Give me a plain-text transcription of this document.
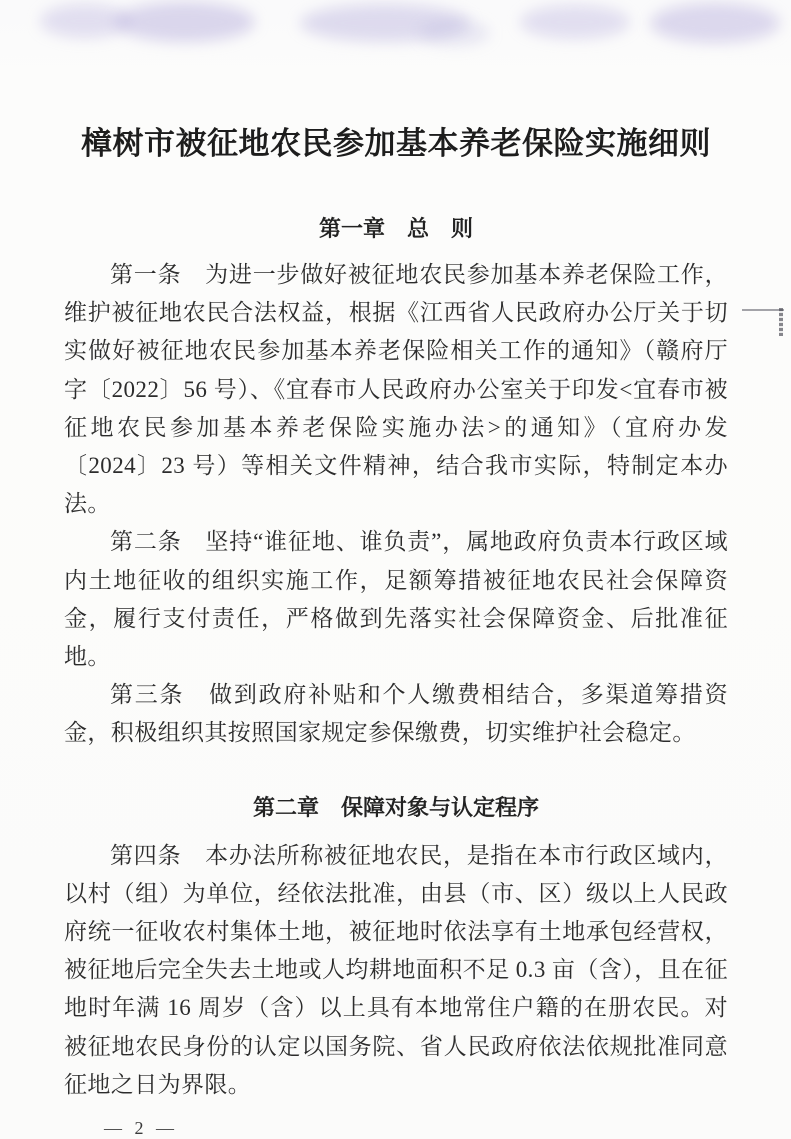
樟树市被征地农民参加基本养老保险实施细则
第一章　总　则

第一条　为进一步做好被征地农民参加基本养老保险工作，维护被征地农民合法权益，根据《江西省人民政府办公厅关于切实做好被征地农民参加基本养老保险相关工作的通知》（赣府厅字〔2022〕56 号）、《宜春市人民政府办公室关于印发<宜春市被征地农民参加基本养老保险实施办法>的通知》（宜府办发〔2024〕23 号）等相关文件精神，结合我市实际，特制定本办法。

第二条　坚持“谁征地、谁负责”，属地政府负责本行政区域内土地征收的组织实施工作，足额筹措被征地农民社会保障资金，履行支付责任，严格做到先落实社会保障资金、后批准征地。

第三条　做到政府补贴和个人缴费相结合，多渠道筹措资金，积极组织其按照国家规定参保缴费，切实维护社会稳定。

第二章　保障对象与认定程序

第四条　本办法所称被征地农民，是指在本市行政区域内，以村（组）为单位，经依法批准，由县（市、区）级以上人民政府统一征收农村集体土地，被征地时依法享有土地承包经营权，被征地后完全失去土地或人均耕地面积不足 0.3 亩（含），且在征地时年满 16 周岁（含）以上具有本地常住户籍的在册农民。对被征地农民身份的认定以国务院、省人民政府依法依规批准同意征地之日为界限。

— 2 —
